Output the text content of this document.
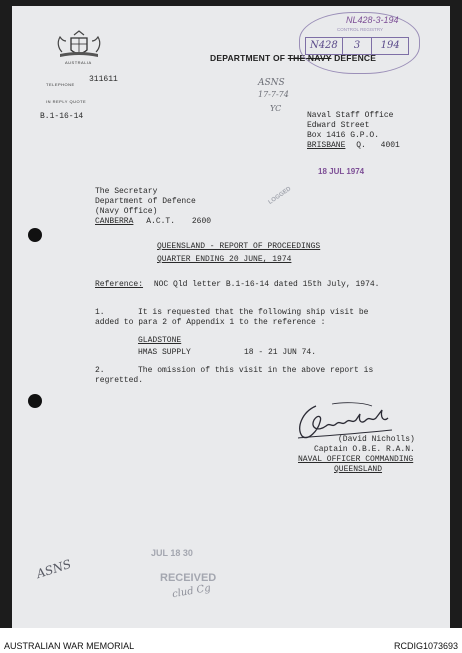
AUSTRALIA
TELEPHONE
311611
IN REPLY QUOTE
B.1-16-14
DEPARTMENT OF THE NAVY DEFENCE
NL428-3-194
CONTROL REGISTRY
N428	3	194
ASNS
17-7-74
YC
Naval Staff Office
Edward Street
Box 1416 G.P.O.
BRISBANE Q. 4001
18 JUL 1974
LOGGED
The Secretary
Department of Defence
(Navy Office)
CANBERRA A.C.T. 2600
QUEENSLAND - REPORT OF PROCEEDINGS
QUARTER ENDING 20 JUNE, 1974
Reference: NOC Qld letter B.1-16-14 dated 15th July, 1974.
1.	It is requested that the following ship visit be
added to para 2 of Appendix 1 to the reference :
GLADSTONE
HMAS SUPPLY	18 - 21 JUN 74.
2.	The omission of this visit in the above report is
regretted.
(David Nicholls)
Captain O.B.E. R.A.N.
NAVAL OFFICER COMMANDING
QUEENSLAND
JUL 18 30
RECEIVED
ASNS
clud Cg
AUSTRALIAN WAR MEMORIAL	RCDIG1073693
